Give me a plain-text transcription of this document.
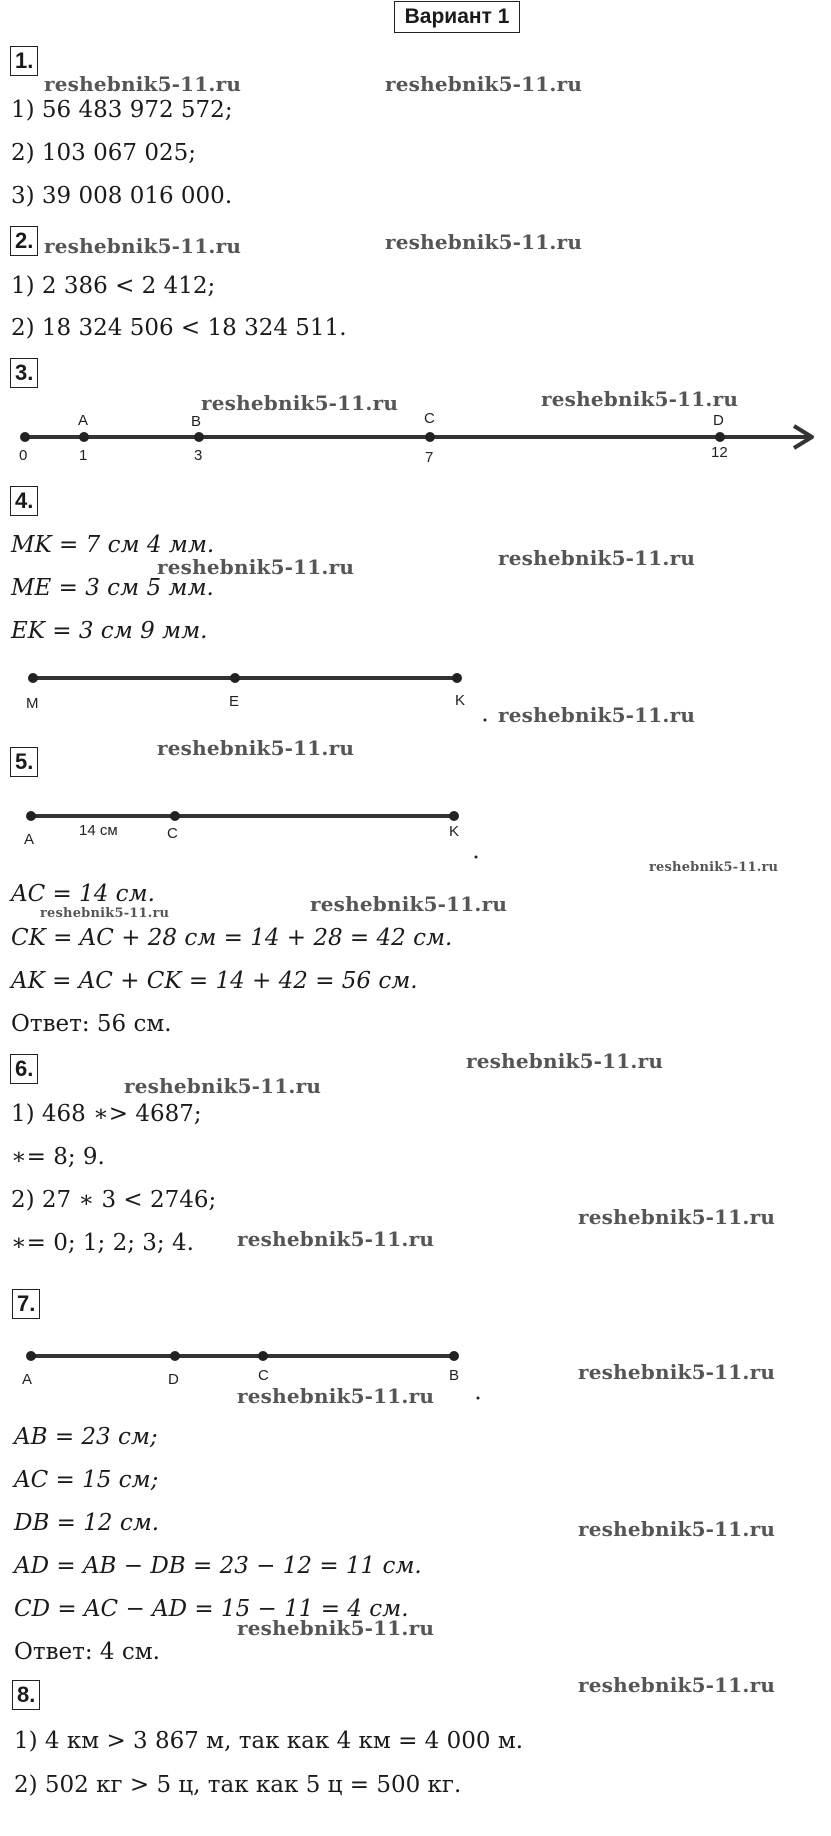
Вариант 1
1.
1) 56 483 972 572;
2) 103 067 025;
3) 39 008 016 000.
2.
1) 2 386 < 2 412;
2) 18 324 506 < 18 324 511.
3.
A	B	C	D
0	1	3	7	12
4.
MK = 7 см 4 мм.
ME = 3 см 5 мм.
EK = 3 см 9 мм.
M	E	K
5.
A	C	K
14 см
AC = 14 см.
CK = AC + 28 см = 14 + 28 = 42 см.
AK = AC + CK = 14 + 42 = 56 см.
Ответ: 56 см.
6.
1) 468 ∗> 4687;
∗= 8; 9.
2) 27 ∗ 3 < 2746;
∗= 0; 1; 2; 3; 4.
7.
A	D	C	B
AB = 23 см;
AC = 15 см;
DB = 12 см.
AD = AB − DB = 23 − 12 = 11 см.
CD = AC − AD = 15 − 11 = 4 см.
Ответ: 4 см.
8.
1) 4 км > 3 867 м, так как 4 км = 4 000 м.
2) 502 кг > 5 ц, так как 5 ц = 500 кг.
reshebnik5-11.ru	reshebnik5-11.ru
reshebnik5-11.ru	reshebnik5-11.ru
reshebnik5-11.ru	reshebnik5-11.ru
reshebnik5-11.ru	reshebnik5-11.ru
reshebnik5-11.ru
reshebnik5-11.ru
reshebnik5-11.ru
reshebnik5-11.ru
reshebnik5-11.ru
reshebnik5-11.ru
reshebnik5-11.ru
reshebnik5-11.ru
reshebnik5-11.ru
reshebnik5-11.ru
reshebnik5-11.ru
reshebnik5-11.ru
reshebnik5-11.ru
reshebnik5-11.ru
